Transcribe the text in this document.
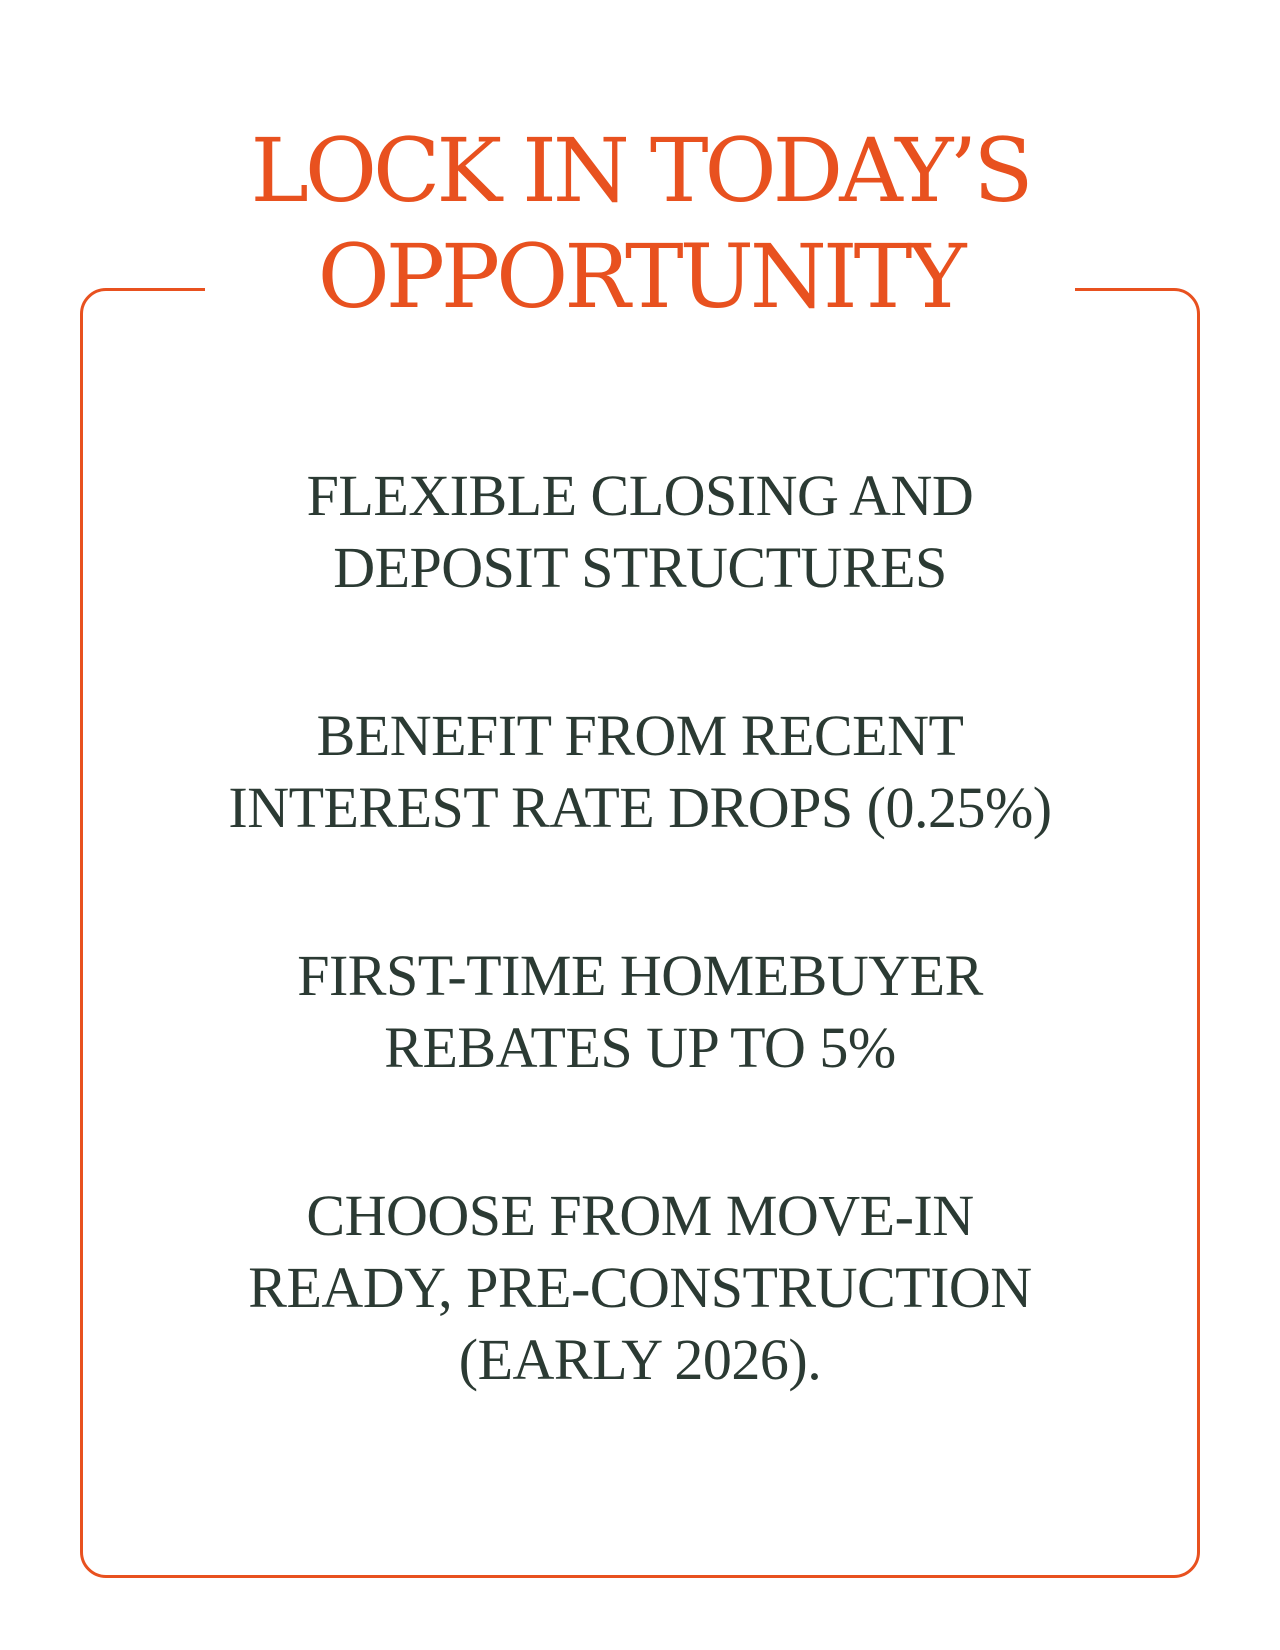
LOCK IN TODAY’S
OPPORTUNITY
FLEXIBLE CLOSING AND
DEPOSIT STRUCTURES
BENEFIT FROM RECENT
INTEREST RATE DROPS (0.25%)
FIRST-TIME HOMEBUYER
REBATES UP TO 5%
CHOOSE FROM MOVE-IN
READY, PRE-CONSTRUCTION
(EARLY 2026).
